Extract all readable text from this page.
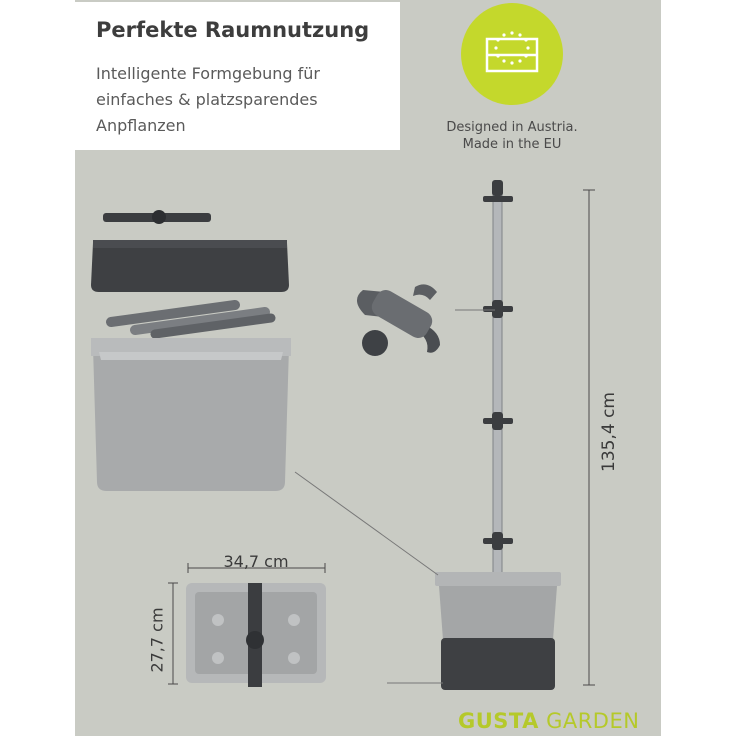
Perfekte Raumnutzung
Intelligente Formgebung für
einfaches & platzsparendes
Anpflanzen	Designed in Austria.
Made in the EU
135,4 cm
34,7 cm
27,7 cm
GUSTA GARDEN
